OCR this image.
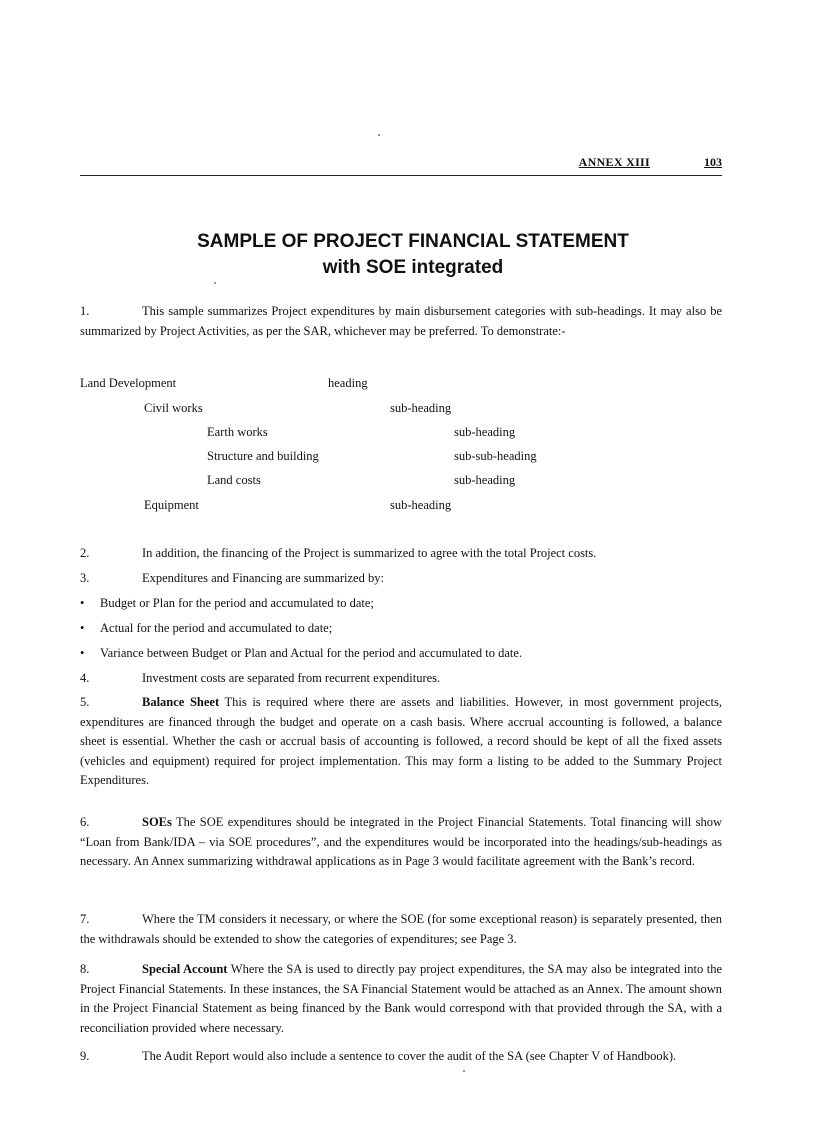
ANNEX XIII	103
SAMPLE OF PROJECT FINANCIAL STATEMENT
with SOE integrated
1.	This sample summarizes Project expenditures by main disbursement categories with sub-headings. It may also be summarized by Project Activities, as per the SAR, whichever may be preferred. To demonstrate:-
Land Development	heading
Civil works	sub-heading
Earth works	sub-heading
Structure and building	sub-sub-heading
Land costs	sub-heading
Equipment	sub-heading
2.	In addition, the financing of the Project is summarized to agree with the total Project costs.
3.	Expenditures and Financing are summarized by:
• Budget or Plan for the period and accumulated to date;
• Actual for the period and accumulated to date;
• Variance between Budget or Plan and Actual for the period and accumulated to date.
4.	Investment costs are separated from recurrent expenditures.
5.	Balance Sheet This is required where there are assets and liabilities. However, in most government projects, expenditures are financed through the budget and operate on a cash basis. Where accrual accounting is followed, a balance sheet is essential. Whether the cash or accrual basis of accounting is followed, a record should be kept of all the fixed assets (vehicles and equipment) required for project implementation. This may form a listing to be added to the Summary Project Expenditures.
6.	SOEs The SOE expenditures should be integrated in the Project Financial Statements. Total financing will show “Loan from Bank/IDA – via SOE procedures”, and the expenditures would be incorporated into the headings/sub-headings as necessary. An Annex summarizing withdrawal applications as in Page 3 would facilitate agreement with the Bank’s record.
7.	Where the TM considers it necessary, or where the SOE (for some exceptional reason) is separately presented, then the withdrawals should be extended to show the categories of expenditures; see Page 3.
8.	Special Account Where the SA is used to directly pay project expenditures, the SA may also be integrated into the Project Financial Statements. In these instances, the SA Financial Statement would be attached as an Annex. The amount shown in the Project Financial Statement as being financed by the Bank would correspond with that provided through the SA, with a reconciliation provided where necessary.
9.	The Audit Report would also include a sentence to cover the audit of the SA (see Chapter V of Handbook).
